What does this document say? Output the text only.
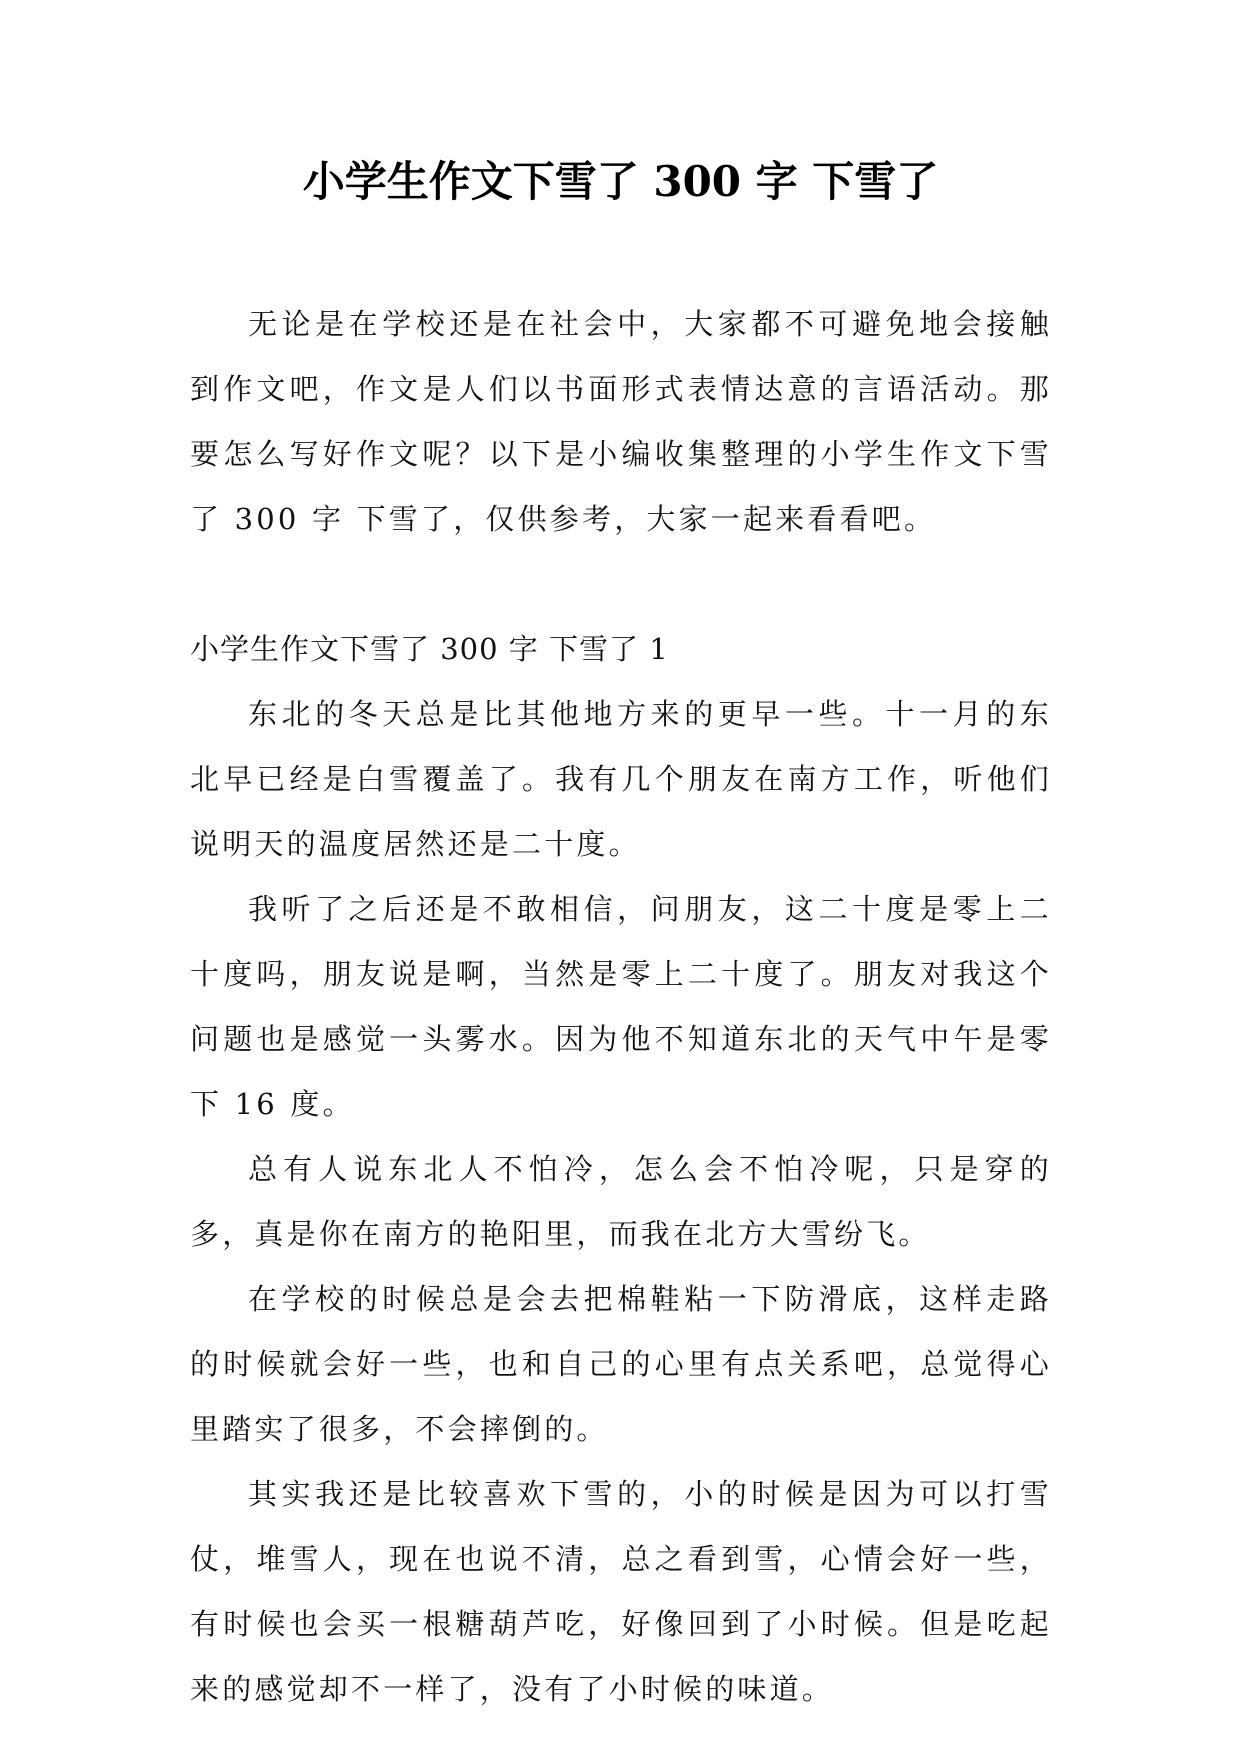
小学生作文下雪了 300 字 下雪了

无论是在学校还是在社会中，大家都不可避免地会接触到作文吧，作文是人们以书面形式表情达意的言语活动。那要怎么写好作文呢？以下是小编收集整理的小学生作文下雪了 300 字 下雪了，仅供参考，大家一起来看看吧。

小学生作文下雪了 300 字 下雪了 1

东北的冬天总是比其他地方来的更早一些。十一月的东北早已经是白雪覆盖了。我有几个朋友在南方工作，听他们说明天的温度居然还是二十度。

我听了之后还是不敢相信，问朋友，这二十度是零上二十度吗，朋友说是啊，当然是零上二十度了。朋友对我这个问题也是感觉一头雾水。因为他不知道东北的天气中午是零下 16 度。

总有人说东北人不怕冷，怎么会不怕冷呢，只是穿的多，真是你在南方的艳阳里，而我在北方大雪纷飞。

在学校的时候总是会去把棉鞋粘一下防滑底，这样走路的时候就会好一些，也和自己的心里有点关系吧，总觉得心里踏实了很多，不会摔倒的。

其实我还是比较喜欢下雪的，小的时候是因为可以打雪仗，堆雪人，现在也说不清，总之看到雪，心情会好一些，有时候也会买一根糖葫芦吃，好像回到了小时候。但是吃起来的感觉却不一样了，没有了小时候的味道。
